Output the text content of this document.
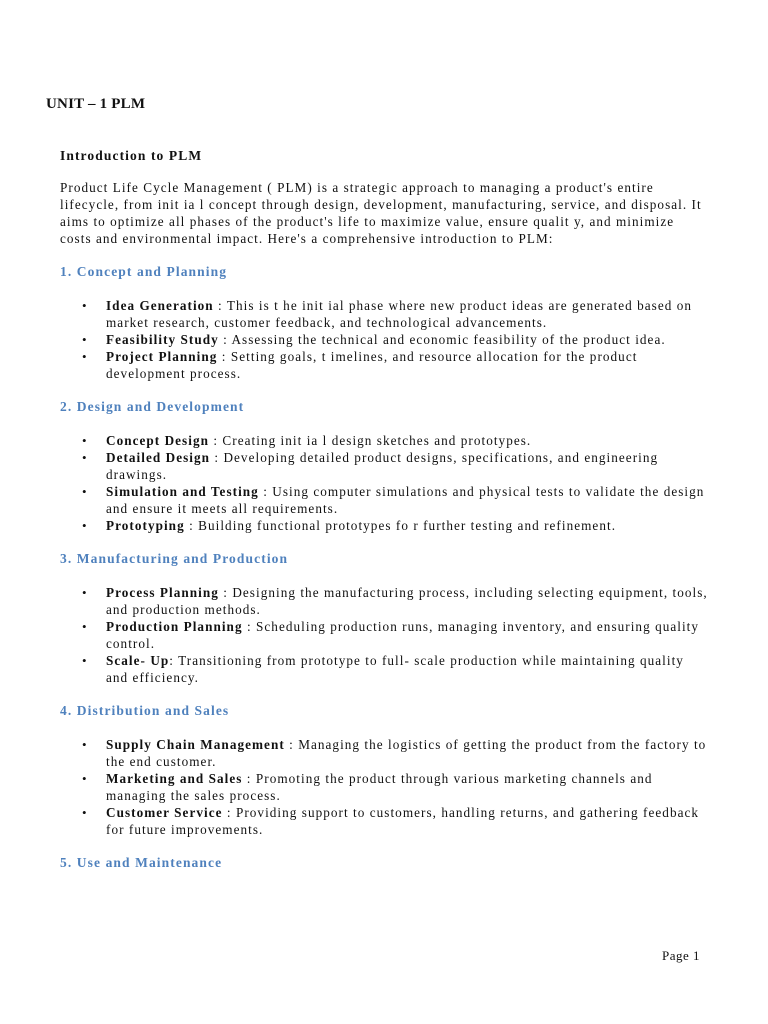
UNIT – 1 PLM
Introduction to PLM

Product Life Cycle Management ( PLM) is a strategic approach to managing a product's entire lifecycle, from init ia l concept through design, development, manufacturing, service, and disposal. It aims to optimize all phases of the product's life to maximize value, ensure qualit y, and minimize costs and environmental impact. Here's a comprehensive introduction to PLM:

1. Concept and Planning
• Idea Generation : This is t he init ial phase where new product ideas are generated based on market research, customer feedback, and technological advancements.
• Feasibility Study : Assessing the technical and economic feasibility of the product idea.
• Project Planning : Setting goals, t imelines, and resource allocation for the product development process.
2. Design and Development
• Concept Design : Creating init ia l design sketches and prototypes.
• Detailed Design : Developing detailed product designs, specifications, and engineering drawings.
• Simulation and Testing : Using computer simulations and physical tests to validate the design and ensure it meets all requirements.
• Prototyping : Building functional prototypes fo r further testing and refinement.
3. Manufacturing and Production
• Process Planning : Designing the manufacturing process, including selecting equipment, tools, and production methods.
• Production Planning : Scheduling production runs, managing inventory, and ensuring quality control.
• Scale- Up: Transitioning from prototype to full- scale production while maintaining quality and efficiency.
4. Distribution and Sales
• Supply Chain Management : Managing the logistics of getting the product from the factory to the end customer.
• Marketing and Sales : Promoting the product through various marketing channels and managing the sales process.
• Customer Service : Providing support to customers, handling returns, and gathering feedback for future improvements.
5. Use and Maintenance
Page 1
